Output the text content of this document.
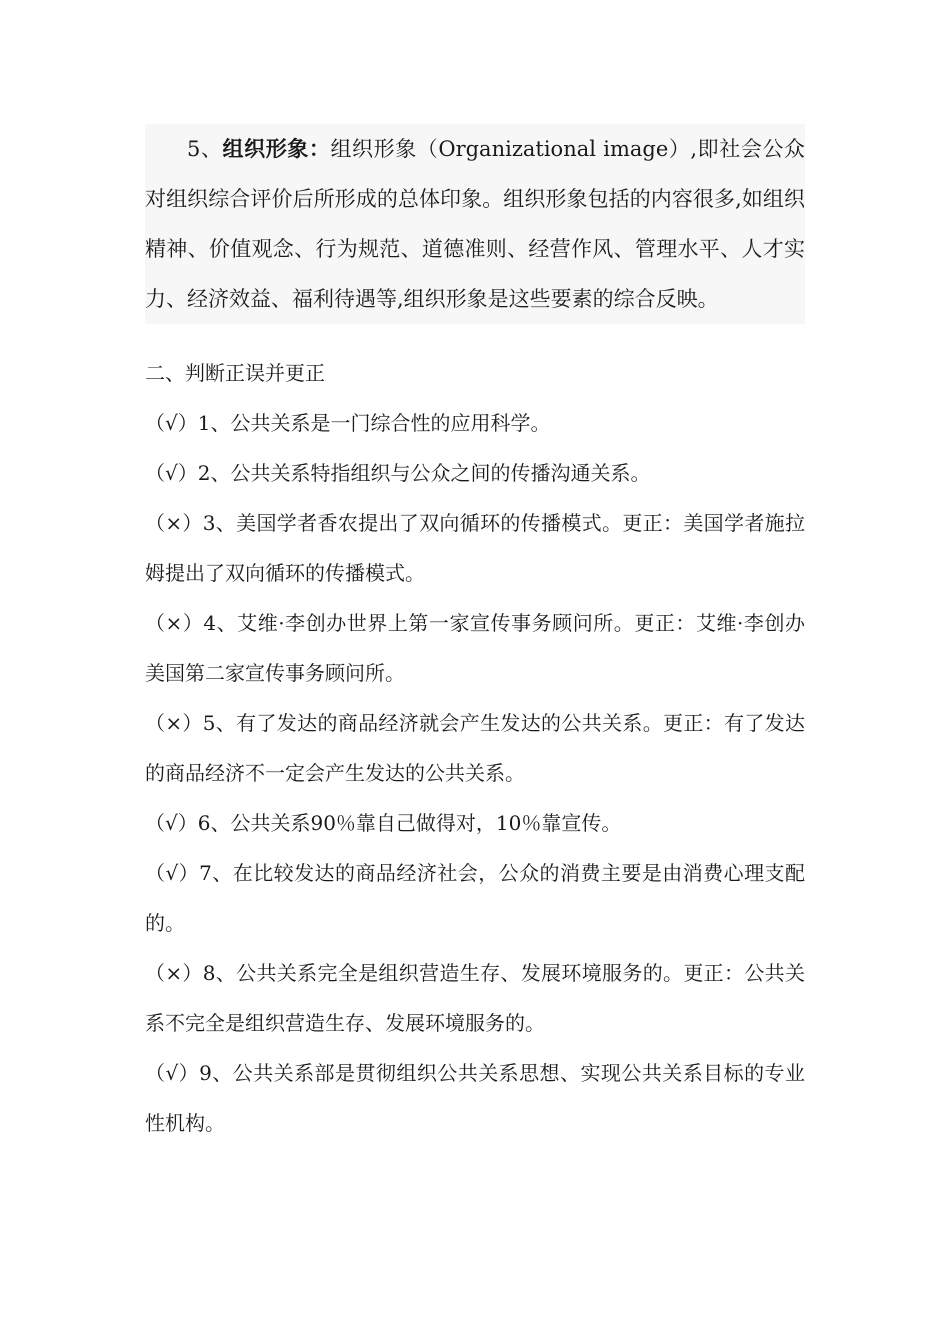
5、组织形象：组织形象（Organizational image）,即社会公众对组织综合评价后所形成的总体印象。组织形象包括的内容很多,如组织精神、价值观念、行为规范、道德准则、经营作风、管理水平、人才实力、经济效益、福利待遇等,组织形象是这些要素的综合反映。

二、判断正误并更正

（√）1、公共关系是一门综合性的应用科学。

（√）2、公共关系特指组织与公众之间的传播沟通关系。

（×）3、美国学者香农提出了双向循环的传播模式。更正：美国学者施拉姆提出了双向循环的传播模式。

（×）4、艾维·李创办世界上第一家宣传事务顾问所。更正：艾维·李创办美国第二家宣传事务顾问所。

（×）5、有了发达的商品经济就会产生发达的公共关系。更正：有了发达的商品经济不一定会产生发达的公共关系。

（√）6、公共关系90％靠自己做得对，10％靠宣传。

（√）7、在比较发达的商品经济社会，公众的消费主要是由消费心理支配的。

（×）8、公共关系完全是组织营造生存、发展环境服务的。更正：公共关系不完全是组织营造生存、发展环境服务的。

（√）9、公共关系部是贯彻组织公共关系思想、实现公共关系目标的专业性机构。
